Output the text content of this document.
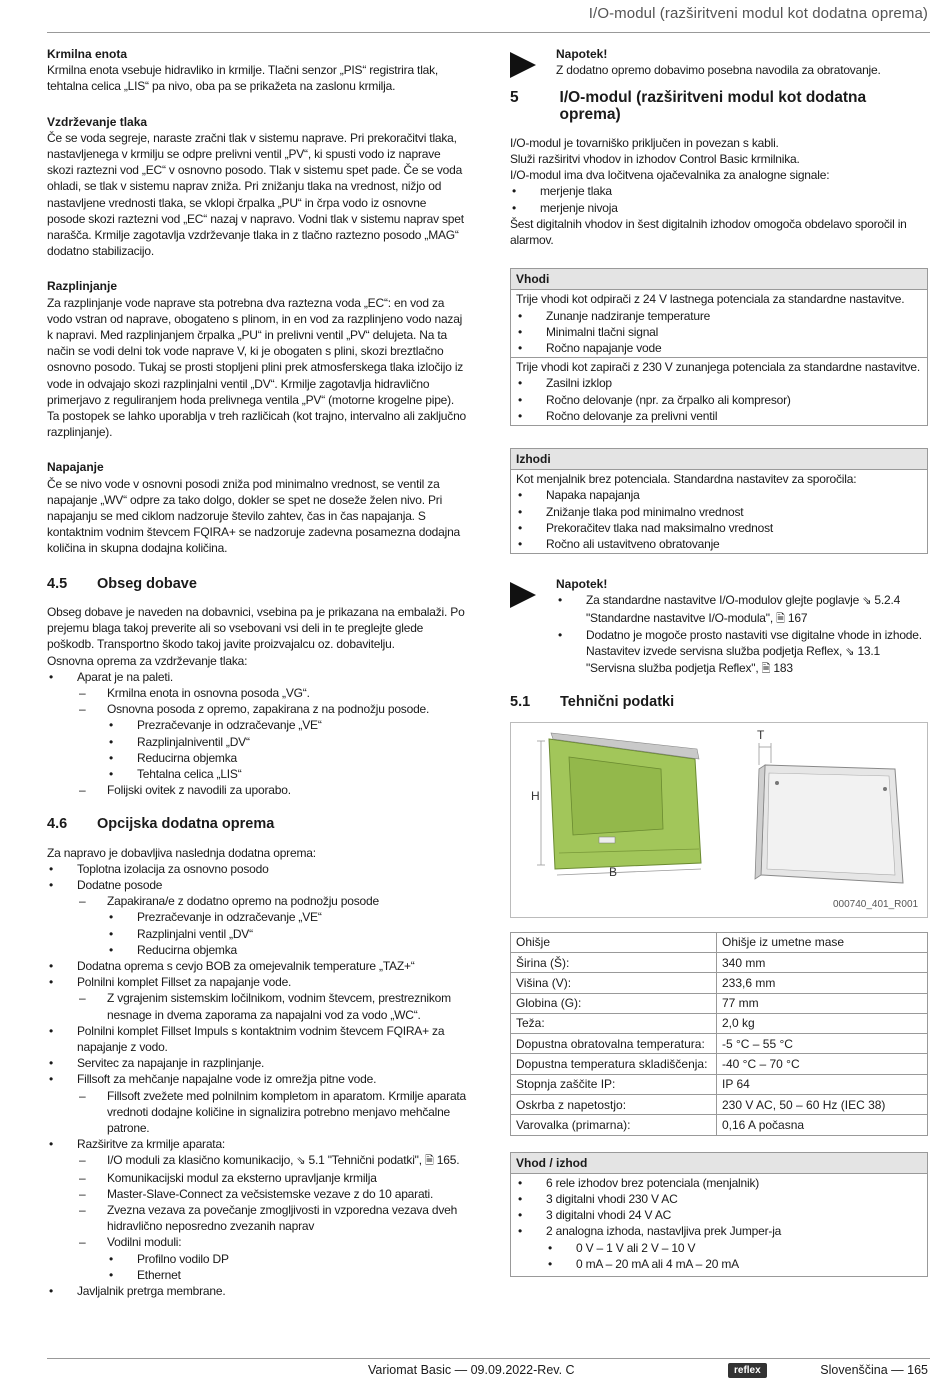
I/O-modul (razširitveni modul kot dodatna oprema)
Krmilna enota

Krmilna enota vsebuje hidravliko in krmilje. Tlačni senzor „PIS“ registrira tlak, tehtalna celica „LIS“ pa nivo, oba pa se prikažeta na zaslonu krmilja.

Vzdrževanje tlaka

Če se voda segreje, naraste zračni tlak v sistemu naprave. Pri prekoračitvi tlaka, nastavljenega v krmilju se odpre prelivni ventil „PV“, ki spusti vodo iz naprave skozi raztezni vod „EC“ v osnovno posodo. Tlak v sistemu spet pade. Če se voda ohladi, se tlak v sistemu naprav zniža. Pri znižanju tlaka na vrednost, nižjo od nastavljene vrednosti tlaka, se vklopi črpalka „PU“ in črpa vodo iz osnovne posode skozi raztezni vod „EC“ nazaj v napravo. Vodni tlak v sistemu naprav spet narašča. Krmilje zagotavlja vzdrževanje tlaka in z tlačno raztezno posodo „MAG“ dodatno stabilizacijo.

Razplinjanje

Za razplinjanje vode naprave sta potrebna dva raztezna voda „EC“: en vod za vodo vstran od naprave, obogateno s plinom, in en vod za razplinjeno vodo nazaj k napravi. Med razplinjanjem črpalka „PU“ in prelivni ventil „PV“ delujeta. Na ta način se vodi delni tok vode naprave V, ki je obogaten s plini, skozi breztlačno osnovno posodo. Tukaj se prosti stopljeni plini prek atmosferskega tlaka izločijo iz vode in odvajajo skozi razplinjalni ventil „DV“. Krmilje zagotavlja hidravlično primerjavo z reguliranjem hoda prelivnega ventila „PV“ (motorne krogelne pipe). Ta postopek se lahko uporablja v treh različicah (kot trajno, intervalno ali zaključno razplinjanje).

Napajanje

Če se nivo vode v osnovni posodi zniža pod minimalno vrednost, se ventil za napajanje „WV“ odpre za tako dolgo, dokler se spet ne doseže želen nivo. Pri napajanju se med ciklom nadzoruje število zahtev, čas in čas napajanja. S kontaktnim vodnim števcem FQIRA+ se nadzoruje zadevna posamezna dodajna količina in skupna dodajna količina.

4.5	Obseg dobave

Obseg dobave je naveden na dobavnici, vsebina pa je prikazana na embalaži. Po prejemu blaga takoj preverite ali so vsebovani vsi deli in te preglejte glede poškodb. Transportno škodo takoj javite proizvajalcu oz. dobavitelju.

Osnovna oprema za vzdrževanje tlaka:

• Aparat je na paleti.
– Krmilna enota in osnovna posoda „VG“.
– Osnovna posoda z opremo, zapakirana z na podnožju posode.
• Prezračevanje in odzračevanje „VE“
• Razplinjalniventil „DV“
• Reducirna objemka
• Tehtalna celica „LIS“
– Folijski ovitek z navodili za uporabo.
4.6	Opcijska dodatna oprema

Za napravo je dobavljiva naslednja dodatna oprema:

• Toplotna izolacija za osnovno posodo
• Dodatne posode
– Zapakirana/e z dodatno opremo na podnožju posode
• Prezračevanje in odzračevanje „VE“
• Razplinjalni ventil „DV“
• Reducirna objemka
• Dodatna oprema s cevjo BOB za omejevalnik temperature „TAZ+“
• Polnilni komplet Fillset za napajanje vode.
– Z vgrajenim sistemskim ločilnikom, vodnim števcem, prestreznikom nesnage in dvema zaporama za napajalni vod za vodo „WC“.
• Polnilni komplet Fillset Impuls s kontaktnim vodnim števcem FQIRA+ za napajanje z vodo.
• Servitec za napajanje in razplinjanje.
• Fillsoft za mehčanje napajalne vode iz omrežja pitne vode.
– Fillsoft zvežete med polnilnim kompletom in aparatom. Krmilje aparata vrednoti dodajne količine in signalizira potrebno menjavo mehčalne patrone.
• Razširitve za krmilje aparata:
– I/O moduli za klasično komunikacijo, ⇘ 5.1 "Tehnični podatki", 🗎 165.
– Komunikacijski modul za eksterno upravljanje krmilja
– Master-Slave-Connect za večsistemske vezave z do 10 aparati.
– Zvezna vezava za povečanje zmogljivosti in vzporedna vezava dveh hidravlično neposredno zvezanih naprav
– Vodilni moduli:
• Profilno vodilo DP
• Ethernet
• Javljalnik pretrga membrane.
Napotek!

Z dodatno opremo dobavimo posebna navodila za obratovanje.

5	I/O-modul (razširitveni modul kot dodatna oprema)

I/O-modul je tovarniško priključen in povezan s kabli.

Služi razširitvi vhodov in izhodov Control Basic krmilnika.

I/O-modul ima dva ločitvena ojačevalnika za analogne signale:

• merjenje tlaka
• merjenje nivoja

Šest digitalnih vhodov in šest digitalnih izhodov omogoča obdelavo sporočil in alarmov.

Vhodi

Trije vhodi kot odpirači z 24 V lastnega potenciala za standardne nastavitve.

• Zunanje nadziranje temperature
• Minimalni tlačni signal
• Ročno napajanje vode

Trije vhodi kot zapirači z 230 V zunanjega potenciala za standardne nastavitve.

• Zasilni izklop
• Ročno delovanje (npr. za črpalko ali kompresor)
• Ročno delovanje za prelivni ventil
Izhodi

Kot menjalnik brez potenciala. Standardna nastavitev za sporočila:

• Napaka napajanja
• Znižanje tlaka pod minimalno vrednost
• Prekoračitev tlaka nad maksimalno vrednost
• Ročno ali ustavitveno obratovanje
Napotek!
• Za standardne nastavitve I/O-modulov glejte poglavje ⇘ 5.2.4 "Standardne nastavitve I/O-modula", 🗎 167
• Dodatno je mogoče prosto nastaviti vse digitalne vhode in izhode. Nastavitev izvede servisna služba podjetja Reflex, ⇘ 13.1 "Servisna služba podjetja Reflex", 🗎 183
5.1	Tehnični podatki
H
B
T
000740_401_R001
Ohišje	Ohišje iz umetne mase
Širina (Š):	340 mm
Višina (V):	233,6 mm
Globina (G):	77 mm
Teža:	2,0 kg
Dopustna obratovalna temperatura:	-5 °C – 55 °C
Dopustna temperatura skladiščenja:	-40 °C – 70 °C
Stopnja zaščite IP:	IP 64
Oskrba z napetostjo:	230 V AC, 50 – 60 Hz (IEC 38)
Varovalka (primarna):	0,16 A počasna
Vhod / izhod
• 6 rele izhodov brez potenciala (menjalnik)
• 3 digitalni vhodi 230 V AC
• 3 digitalni vhodi 24 V AC
• 2 analogna izhoda, nastavljiva prek Jumper-ja
• 0 V – 1 V ali 2 V – 10 V
• 0 mA – 20 mA ali 4 mA – 20 mA
Variomat Basic — 09.09.2022-Rev. C	reflex	Slovenščina — 165
